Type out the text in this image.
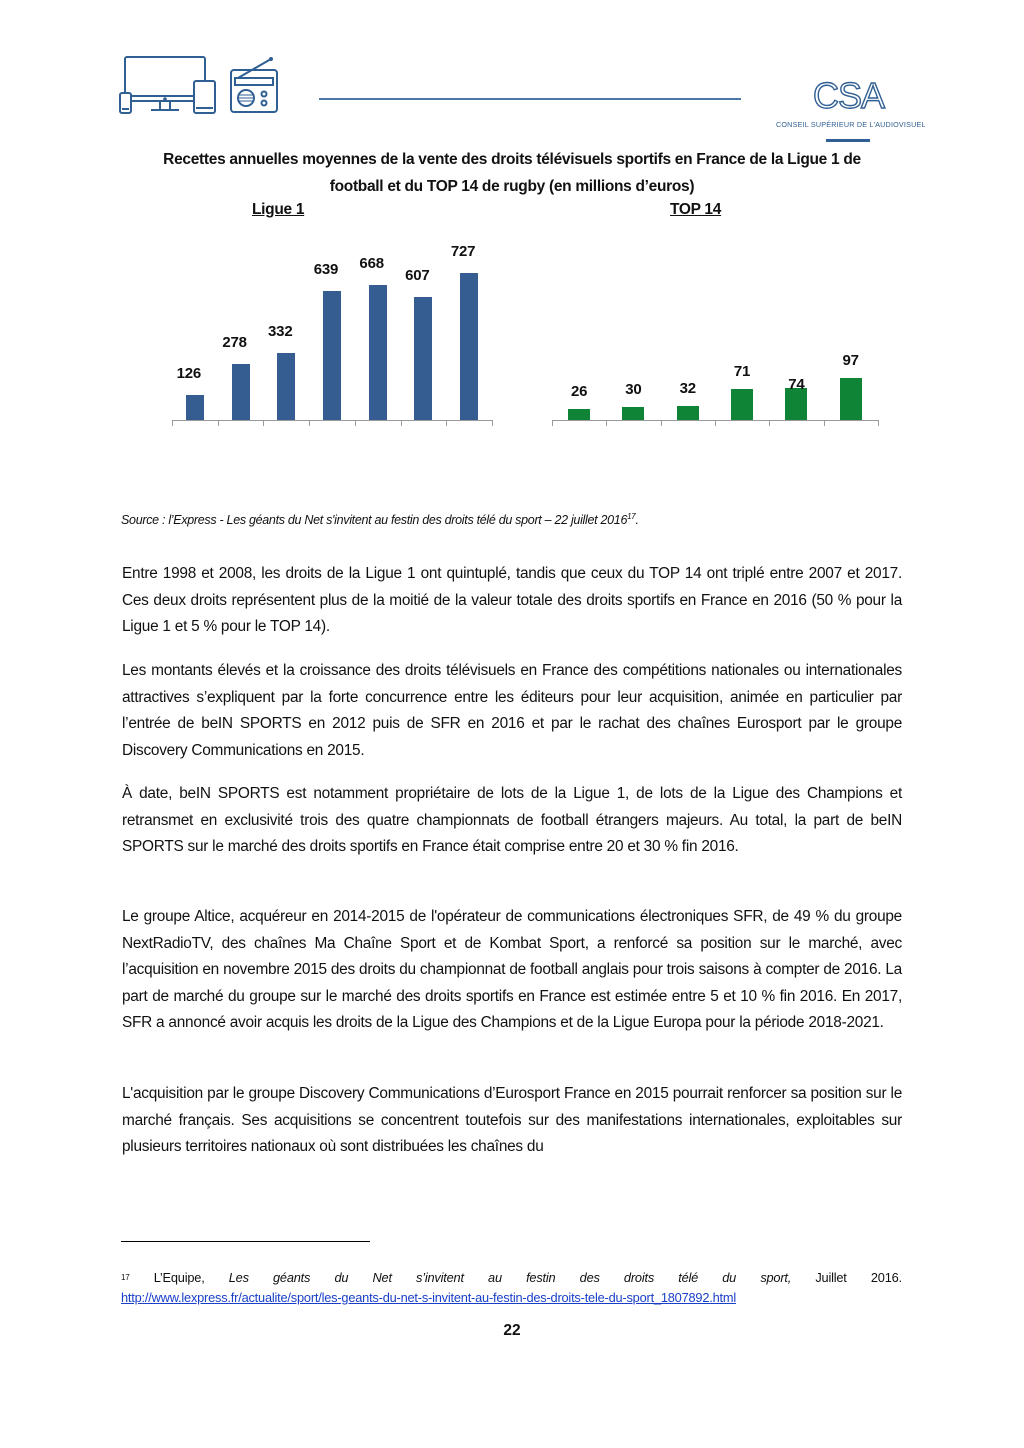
CSA
CONSEIL SUPÉRIEUR DE L'AUDIOVISUEL
Recettes annuelles moyennes de la vente des droits télévisuels sportifs en France de la Ligue 1 de
football et du TOP 14 de rugby (en millions d’euros)
Ligue 1	TOP 14
126
278
332
639	668
607
727
26	30	32
71
74
97
Source : l’Express - Les géants du Net s'invitent au festin des droits télé du sport – 22 juillet 2016$^{17}$.
Entre 1998 et 2008, les droits de la Ligue 1 ont quintuplé, tandis que ceux du TOP 14 ont triplé entre 2007 et 2017. Ces deux droits représentent plus de la moitié de la valeur totale des droits sportifs en France en 2016 (50 % pour la Ligue 1 et 5 % pour le TOP 14).
Les montants élevés et la croissance des droits télévisuels en France des compétitions nationales ou internationales attractives s’expliquent par la forte concurrence entre les éditeurs pour leur acquisition, animée en particulier par l’entrée de beIN SPORTS en 2012 puis de SFR en 2016 et par le rachat des chaînes Eurosport par le groupe Discovery Communications en 2015.
À date, beIN SPORTS est notamment propriétaire de lots de la Ligue 1, de lots de la Ligue des Champions et retransmet en exclusivité trois des quatre championnats de football étrangers majeurs. Au total, la part de beIN SPORTS sur le marché des droits sportifs en France était comprise entre 20 et 30 % fin 2016.
Le groupe Altice, acquéreur en 2014-2015 de l'opérateur de communications électroniques SFR, de 49 % du groupe NextRadioTV, des chaînes Ma Chaîne Sport et de Kombat Sport, a renforcé sa position sur le marché, avec l’acquisition en novembre 2015 des droits du championnat de football anglais pour trois saisons à compter de 2016. La part de marché du groupe sur le marché des droits sportifs en France est estimée entre 5 et 10 % fin 2016. En 2017, SFR a annoncé avoir acquis les droits de la Ligue des Champions et de la Ligue Europa pour la période 2018-2021.
L'acquisition par le groupe Discovery Communications d’Eurosport France en 2015 pourrait renforcer sa position sur le marché français. Ses acquisitions se concentrent toutefois sur des manifestations internationales, exploitables sur plusieurs territoires nationaux où sont distribuées les chaînes du
17 L’Equipe, Les géants du Net s’invitent au festin des droits télé du sport, Juillet 2016.
http://www.lexpress.fr/actualite/sport/les-geants-du-net-s-invitent-au-festin-des-droits-tele-du-sport_1807892.html
22
